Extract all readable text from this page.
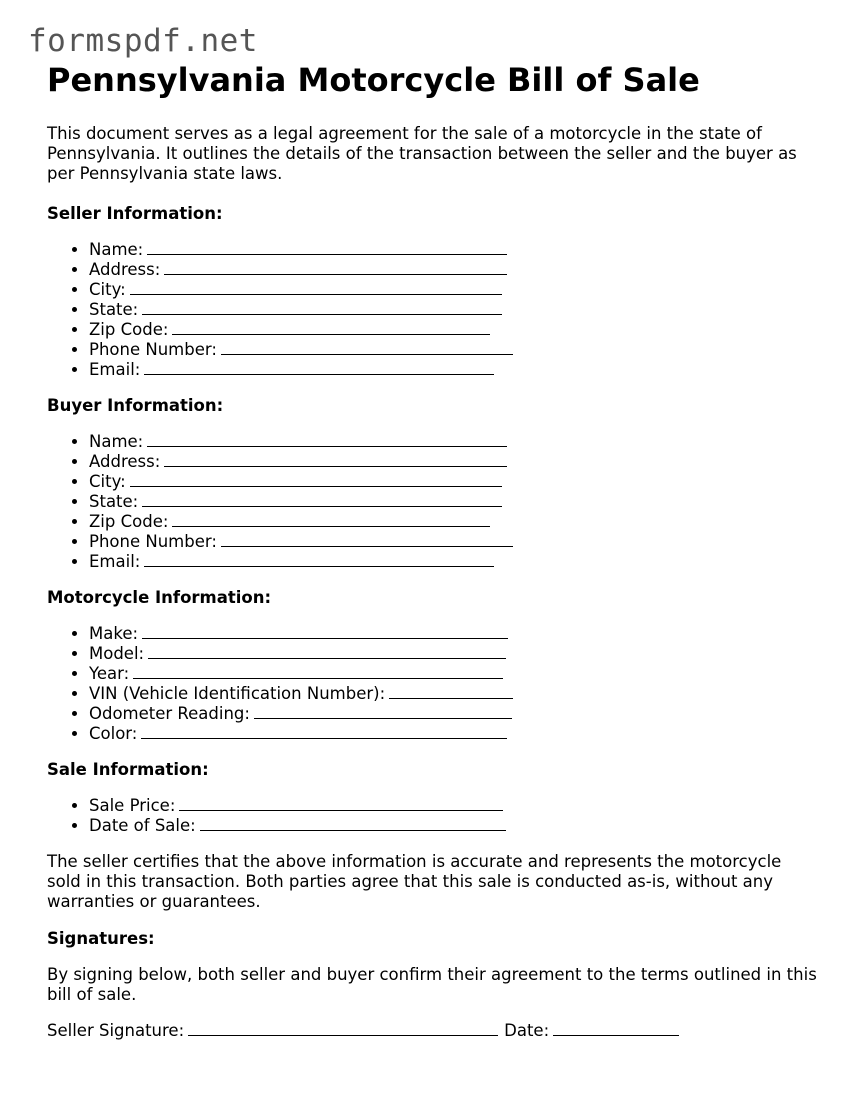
formspdf.net
Pennsylvania Motorcycle Bill of Sale

This document serves as a legal agreement for the sale of a motorcycle in the state of Pennsylvania. It outlines the details of the transaction between the seller and the buyer as per Pennsylvania state laws.

Seller Information:
• Name:
• Address:
• City:
• State:
• Zip Code:
• Phone Number:
• Email:
Buyer Information:
• Name:
• Address:
• City:
• State:
• Zip Code:
• Phone Number:
• Email:
Motorcycle Information:
• Make:
• Model:
• Year:
• VIN (Vehicle Identification Number):
• Odometer Reading:
• Color:
Sale Information:
• Sale Price:
• Date of Sale:

The seller certifies that the above information is accurate and represents the motorcycle sold in this transaction. Both parties agree that this sale is conducted as-is, without any warranties or guarantees.

Signatures:

By signing below, both seller and buyer confirm their agreement to the terms outlined in this bill of sale.

Seller Signature:	Date:
